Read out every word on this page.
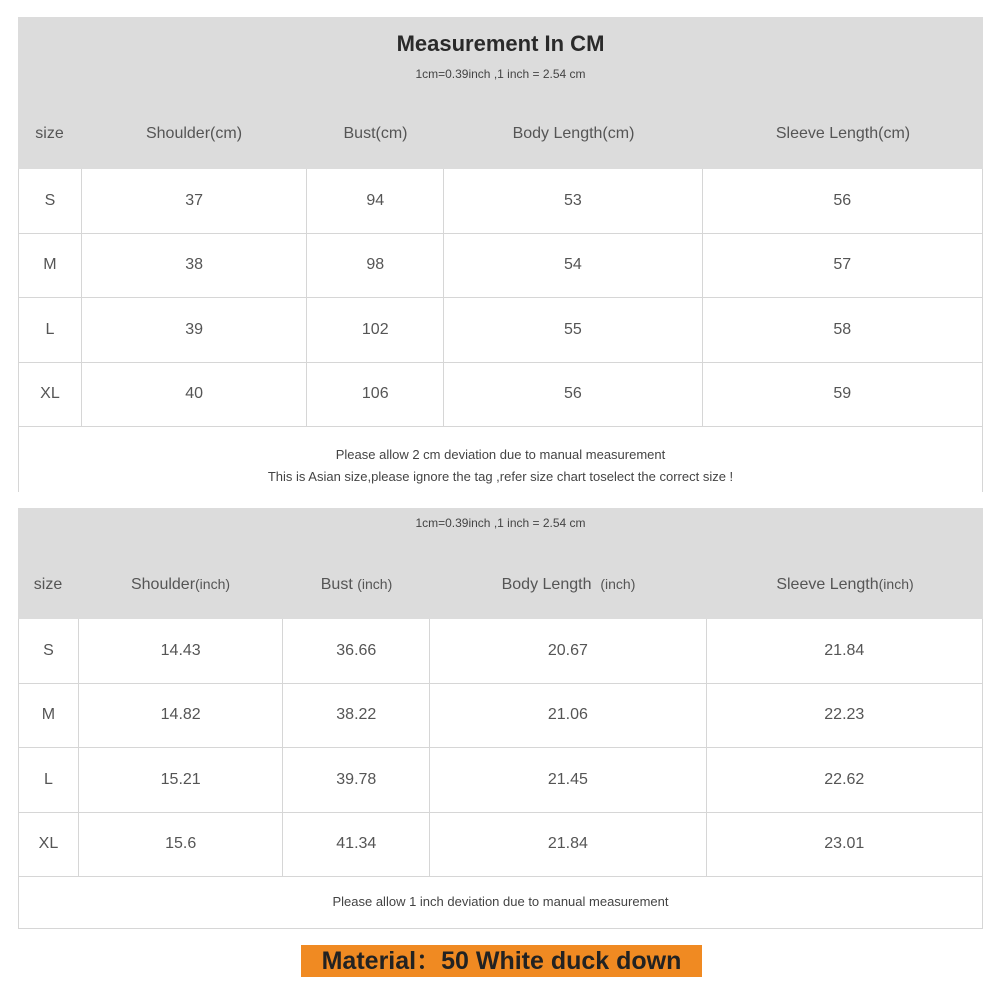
Measurement In CM
1cm=0.39inch ,1 inch = 2.54 cm
size	Shoulder(cm)	Bust(cm)	Body Length(cm)	Sleeve Length(cm)
S	37	94	53	56
M	38	98	54	57
L	39	102	55	58
XL	40	106	56	59
Please allow 2 cm deviation due to manual measurement
This is Asian size,please ignore the tag ,refer size chart toselect the correct size !
1cm=0.39inch ,1 inch = 2.54 cm
size	Shoulder(inch)	Bust (inch)	Body Length  (inch)	Sleeve Length(inch)
S	14.43	36.66	20.67	21.84
M	14.82	38.22	21.06	22.23
L	15.21	39.78	21.45	22.62
XL	15.6	41.34	21.84	23.01
Please allow 1 inch deviation due to manual measurement
Material：50 White duck down
